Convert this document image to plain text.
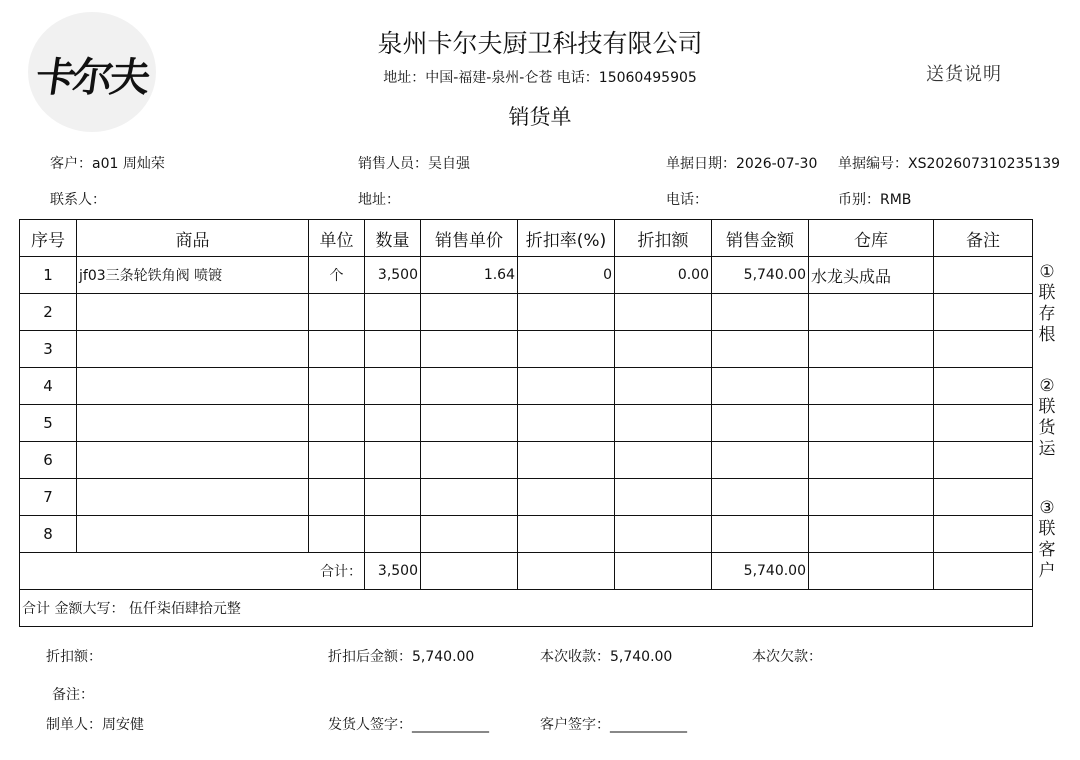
卡尔夫
泉州卡尔夫厨卫科技有限公司
地址：中国-福建-泉州-仑苍 电话：15060495905
销货单
送货说明
客户：a01 周灿荣	销售人员：吴自强	单据日期：2026-07-30 单据编号：XS202607310235139
联系人：	地址：	电话：	币别：RMB
序号	商品	单位	数量	销售单价	折扣率(%)	折扣额	销售金额	仓库	备注
1	jf03三条轮铁角阀 喷镀	个	3,500	1.64	0	0.00	5,740.00	水龙头成品	
2									
3									
4									
5									
6									
7									
8									
合计：			3,500				5,740.00		
合计 金额大写： 伍仟柒佰肆拾元整									
①联存根
②联货运
③联客户
折扣额：	折扣后金额：5,740.00	本次收款：5,740.00	本次欠款：
备注：
制单人：周安健	发货人签字：___________	客户签字：___________
